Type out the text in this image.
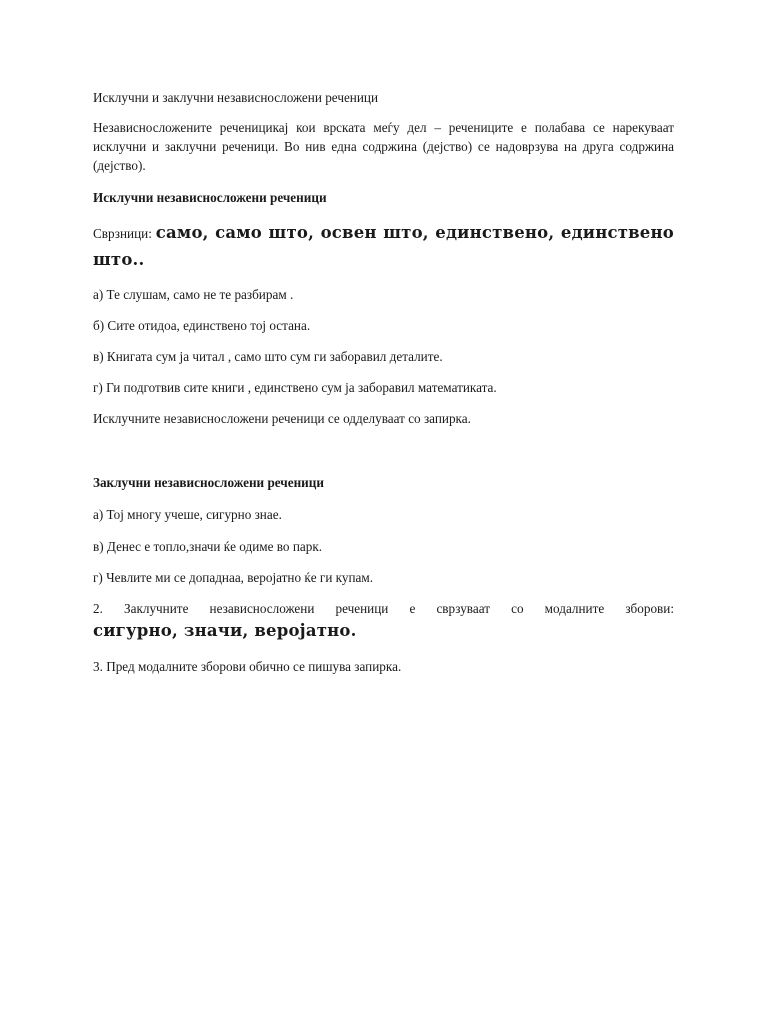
Исклучни и заклучни независносложени реченици

Независносложените реченицикај кои врската меѓу дел – речениците е полабава се нарекуваат исклучни и заклучни реченици. Во нив една содржина (дејство) се надоврзува на друга содржина (дејство).

Исклучни независносложени реченици

Сврзници: само, само што, освен што, единствено, единствено што..

а) Те слушам, само не те разбирам .

б) Сите отидоа, единствено тој остана.

в) Книгата сум ја читал , само што сум ги заборавил деталите.

г) Ги подготвив сите книги , единствено сум ја заборавил математиката.

Исклучните независносложени реченици се одделуваат со запирка.

Заклучни независносложени реченици

а) Тој многу учеше, сигурно знае.

в) Денес е топло,значи ќе одиме во парк.

г) Чевлите ми се допаднаа, веројатно ќе ги купам.

2. Заклучните независносложени реченици е сврзуваат со модалните зборови:

сигурно, значи, веројатно.

3. Пред модалните зборови обично се пишува запирка.
